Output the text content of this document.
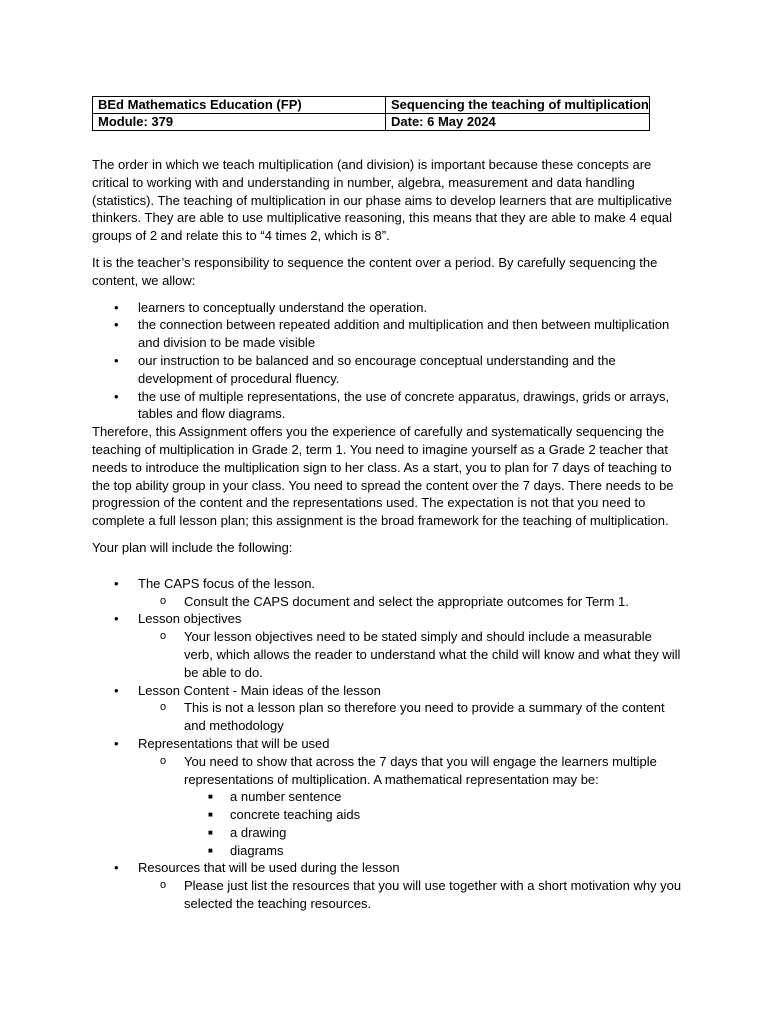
BEd Mathematics Education (FP)	Sequencing the teaching of multiplication
Module: 379	Date: 6 May 2024

The order in which we teach multiplication (and division) is important because these concepts are critical to working with and understanding in number, algebra, measurement and data handling (statistics). The teaching of multiplication in our phase aims to develop learners that are multiplicative thinkers. They are able to use multiplicative reasoning, this means that they are able to make 4 equal groups of 2 and relate this to “4 times 2, which is 8”.

It is the teacher’s responsibility to sequence the content over a period. By carefully sequencing the content, we allow:

•	learners to conceptually understand the operation.
•	the connection between repeated addition and multiplication and then between multiplication and division to be made visible
•	our instruction to be balanced and so encourage conceptual understanding and the development of procedural fluency.
•	the use of multiple representations, the use of concrete apparatus, drawings, grids or arrays, tables and flow diagrams.

Therefore, this Assignment offers you the experience of carefully and systematically sequencing the teaching of multiplication in Grade 2, term 1. You need to imagine yourself as a Grade 2 teacher that needs to introduce the multiplication sign to her class. As a start, you to plan for 7 days of teaching to the top ability group in your class. You need to spread the content over the 7 days. There needs to be progression of the content and the representations used. The expectation is not that you need to complete a full lesson plan; this assignment is the broad framework for the teaching of multiplication.

Your plan will include the following:

•	The CAPS focus of the lesson.
o Consult the CAPS document and select the appropriate outcomes for Term 1.
•	Lesson objectives
o Your lesson objectives need to be stated simply and should include a measurable verb, which allows the reader to understand what the child will know and what they will be able to do.
•	Lesson Content - Main ideas of the lesson
o This is not a lesson plan so therefore you need to provide a summary of the content and methodology
•	Representations that will be used
o You need to show that across the 7 days that you will engage the learners multiple representations of multiplication. A mathematical representation may be:
■ a number sentence
■ concrete teaching aids
■ a drawing
■ diagrams
•	Resources that will be used during the lesson
o Please just list the resources that you will use together with a short motivation why you selected the teaching resources.
